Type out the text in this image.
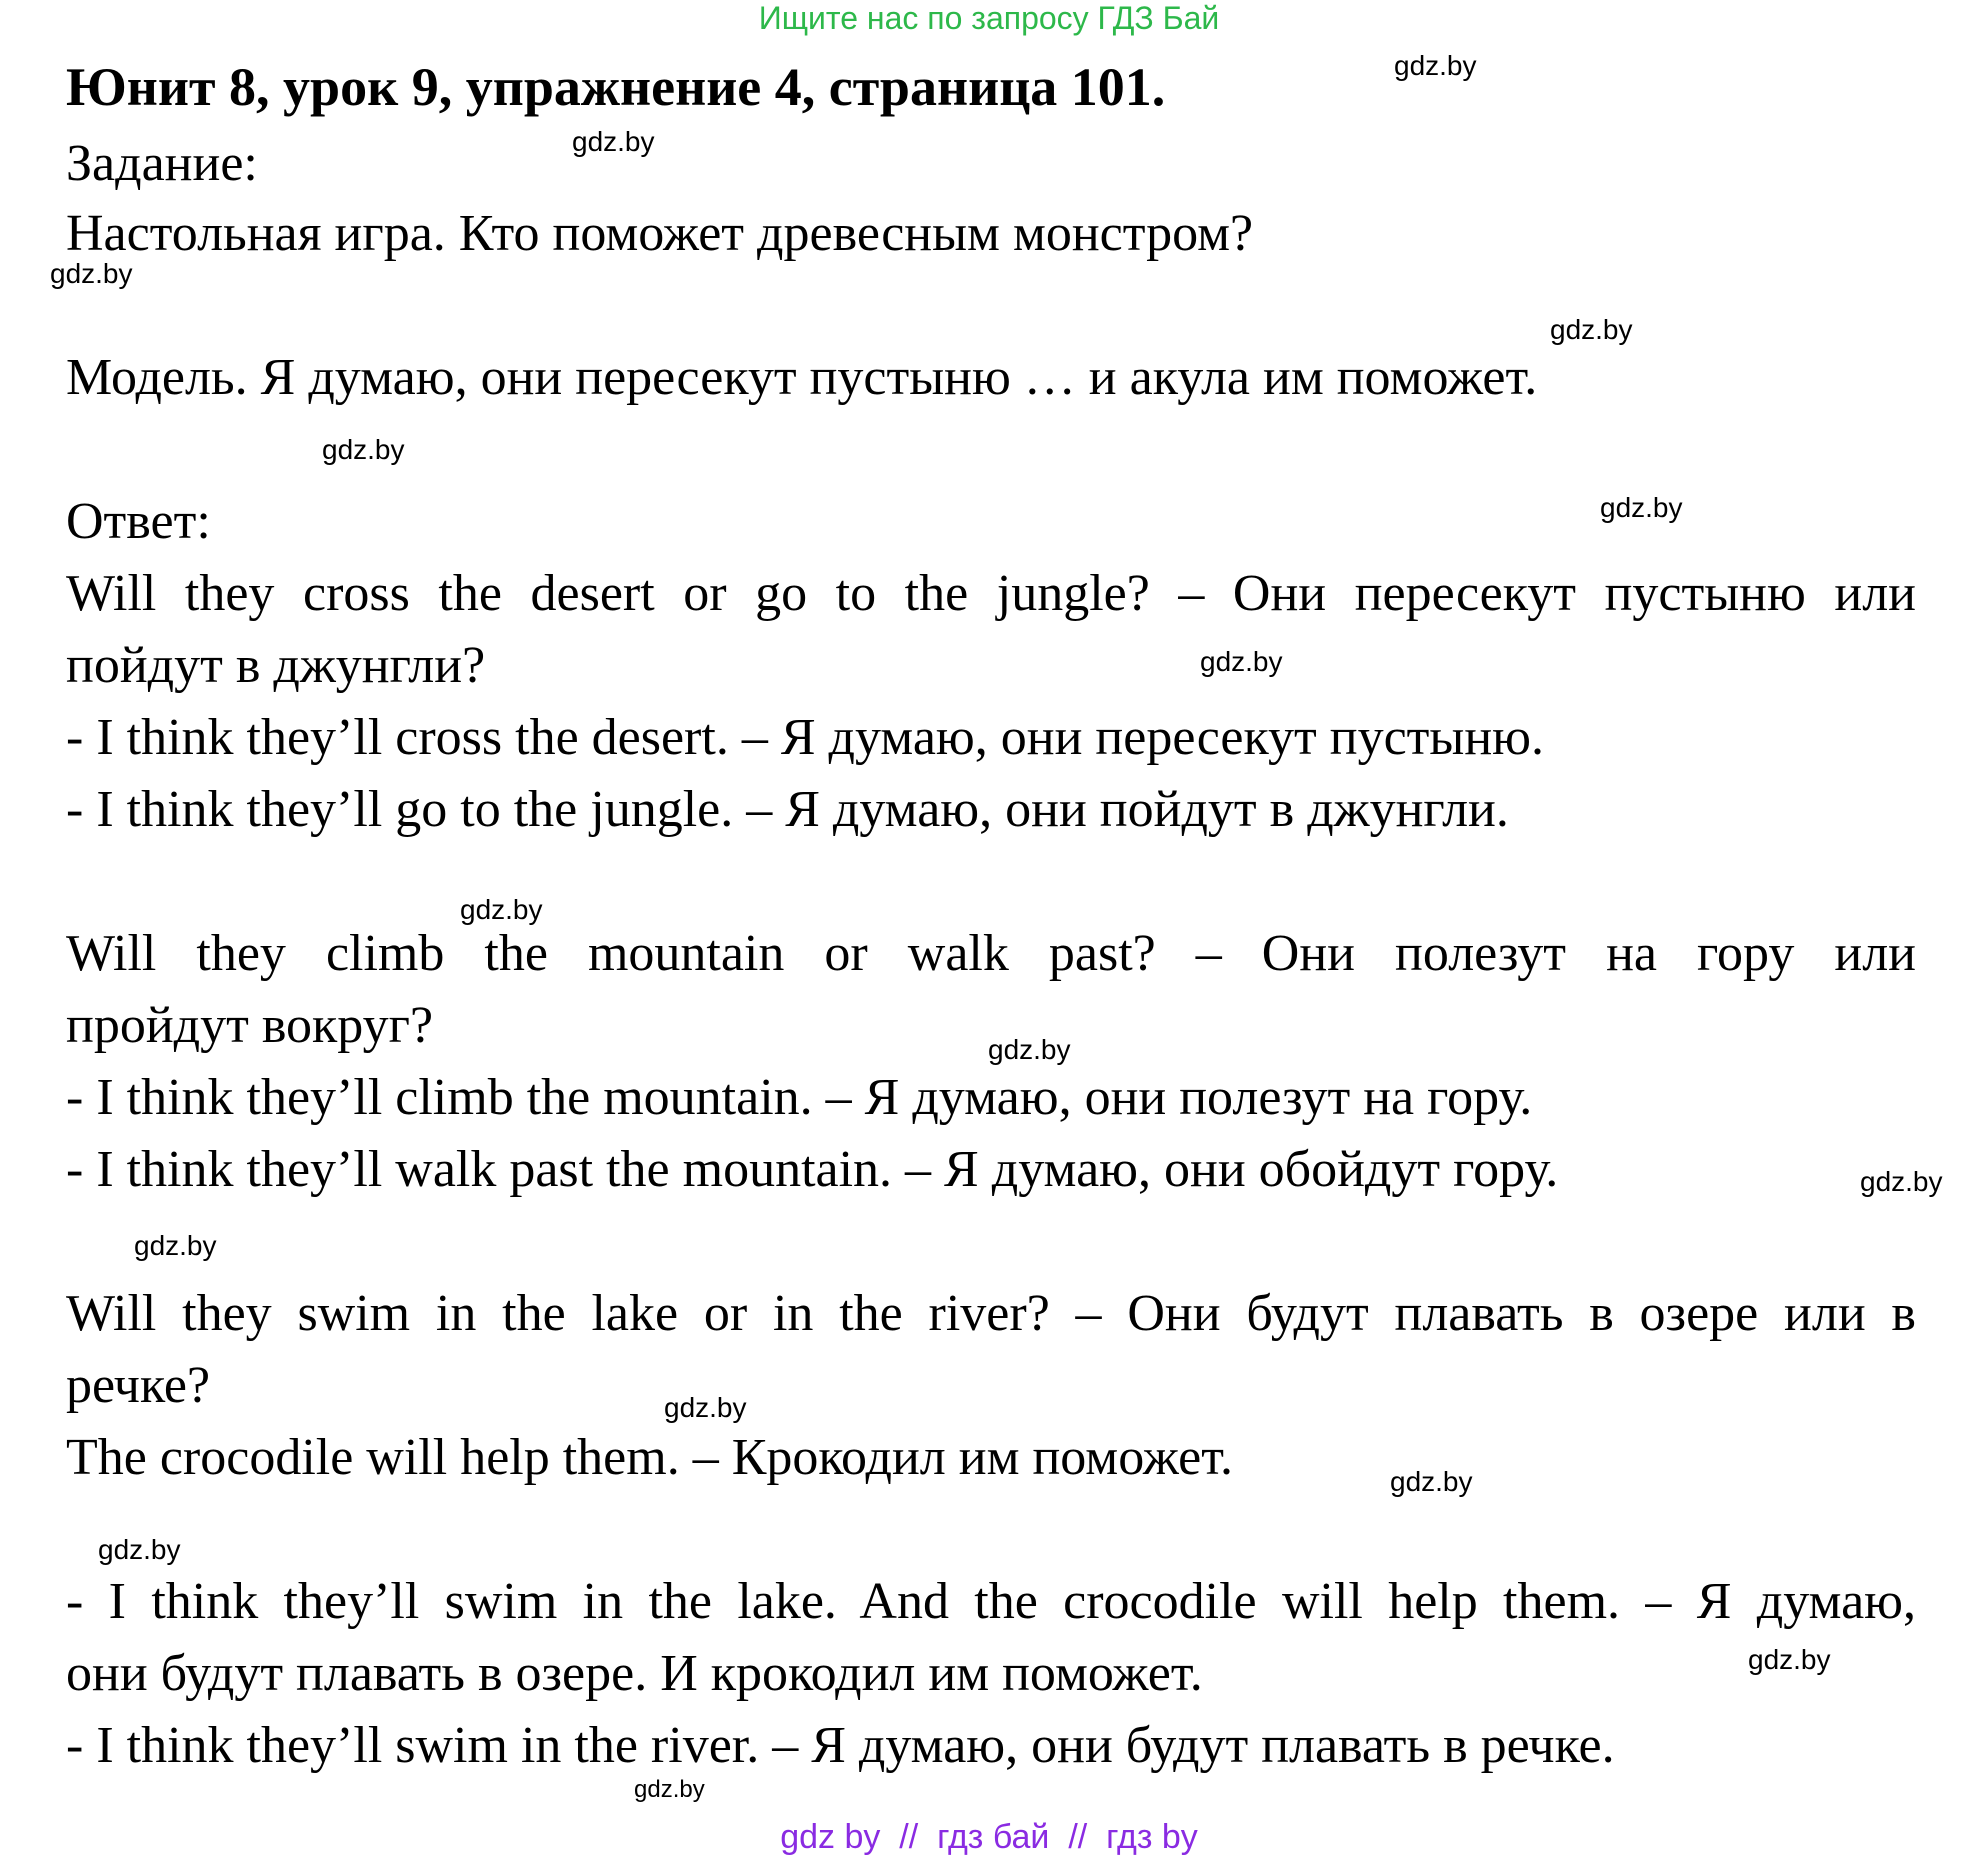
Ищите нас по запросу ГДЗ Бай
Юнит 8, урок 9, упражнение 4, страница 101.
Задание:
Настольная игра. Кто поможет древесным монстром?
Модель. Я думаю, они пересекут пустыню … и акула им поможет.
Ответ:
Will they cross the desert or go to the jungle? – Они пересекут пустыню или
пойдут в джунгли?
- I think they’ll cross the desert. – Я думаю, они пересекут пустыню.
- I think they’ll go to the jungle. – Я думаю, они пойдут в джунгли.
Will they climb the mountain or walk past? – Они полезут на гору или
пройдут вокруг?
- I think they’ll climb the mountain. – Я думаю, они полезут на гору.
- I think they’ll walk past the mountain. – Я думаю, они обойдут гору.
Will they swim in the lake or in the river? – Они будут плавать в озере или в
речке?
The crocodile will help them. – Крокодил им поможет.
- I think they’ll swim in the lake. And the crocodile will help them. – Я думаю,
они будут плавать в озере. И крокодил им поможет.
- I think they’ll swim in the river. – Я думаю, они будут плавать в речке.
gdz.by
gdz.by
gdz.by
gdz.by
gdz.by
gdz.by
gdz.by
gdz.by
gdz.by
gdz.by
gdz.by
gdz.by
gdz.by
gdz.by
gdz.by
gdz.by
gdz by  //  гдз бай  //  гдз by
